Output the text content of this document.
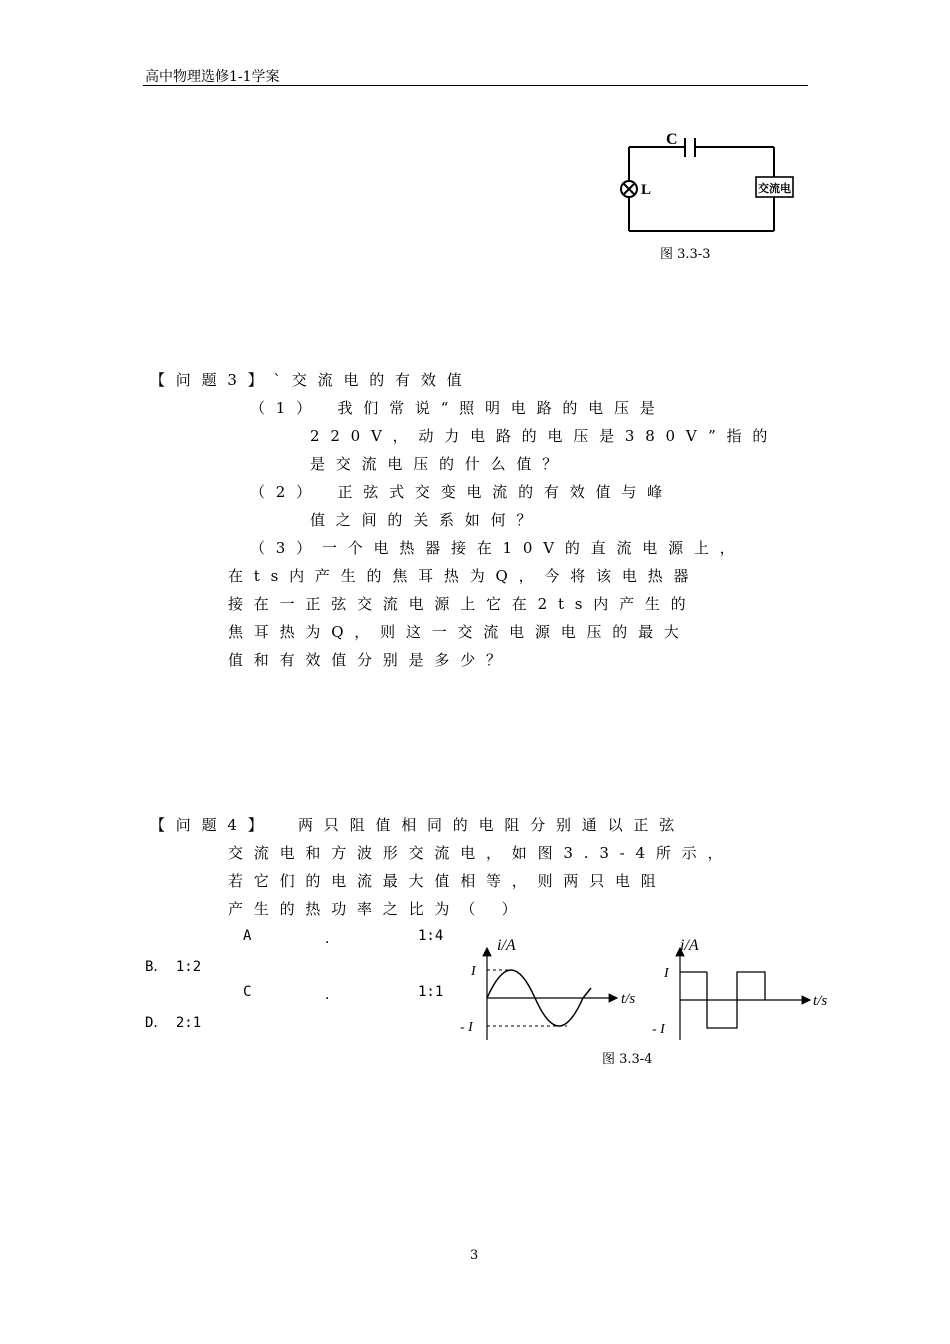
高中物理选修1-1学案
C
L	交流电
图 3.3-3
【问题3】`交流电的有效值
（1） 我们常说“照明电路的电压是
220V，动力电路的电压是380V”指的
是交流电压的什么值？
（2） 正弦式交变电流的有效值与峰
值之间的关系如何？
（3）一个电热器接在10V的直流电源上，
在ts内产生的焦耳热为Q，今将该电热器
接在一正弦交流电源上它在2ts内产生的
焦耳热为Q，则这一交流电源电压的最大
值和有效值分别是多少？
【问题4】 两只阻值相同的电阻分别通以正弦
交流电和方波形交流电，如图3.3-4所示，
若它们的电流最大值相等，则两只电阻
产生的热功率之比为（ ）
A	．	1:4
B． 1:2
C	．	1:1
D． 2:1
i/A
t/s
I
- I
i/A
t/s
I
- I
图 3.3-4
3
